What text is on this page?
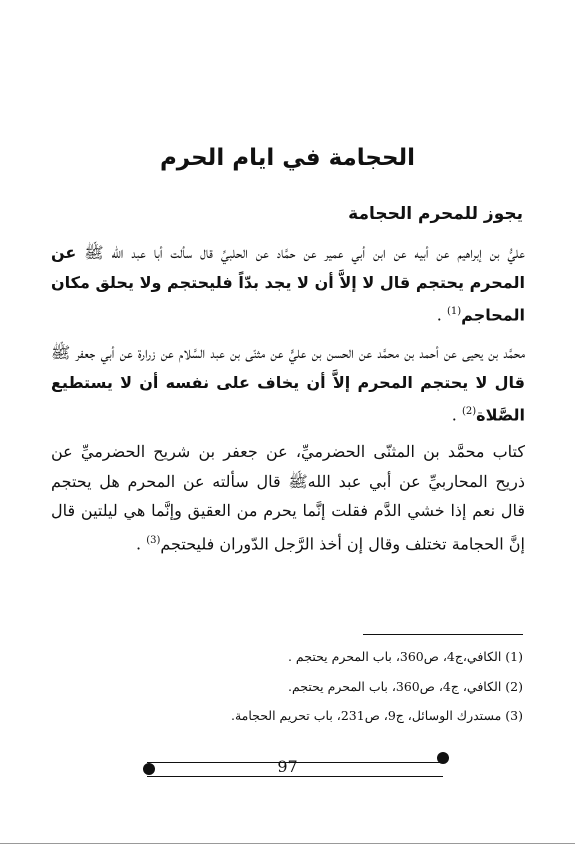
الحجامة في ايام الحرم
يجوز للمحرم الحجامة
عليُّ بن إبراهيم عن أبيه عن ابن أبي عمير عن حمَّاد عن الحلبيِّ قال سألت أبا عبد الله ﷺ عن المحرم يحتجم قال لا إلاَّ أن لا يجد بدّاً فليحتجم ولا يحلق مكان المحاجم$^{(1)}$ .
محمَّد بن يحيى عن أحمد بن محمَّد عن الحسن بن عليٍّ عن مثنّى بن عبد السَّلام عن زرارة عن أبي جعفر ﷺ قال لا يحتجم المحرم إلاَّ أن يخاف على نفسه أن لا يستطيع الصَّلاة$^{(2)}$ .
كتاب محمَّد بن المثنّى الحضرميِّ، عن جعفر بن شريح الحضرميِّ عن ذريح المحاربيِّ عن أبي عبد اللهﷺ قال سألته عن المحرم هل يحتجم قال نعم إذا خشي الدَّم فقلت إنَّما يحرم من العقيق وإنَّما هي ليلتين قال إنَّ الحجامة تختلف وقال إن أخذ الرَّجل الدّوران فليحتجم$^{(3)}$ .
(1) الكافي،ج4، ص360، باب المحرم يحتجم .
(2) الكافي، ج4، ص360، باب المحرم يحتجم.
(3) مستدرك الوسائل، ج9، ص231، باب تحريم الحجامة.
97
